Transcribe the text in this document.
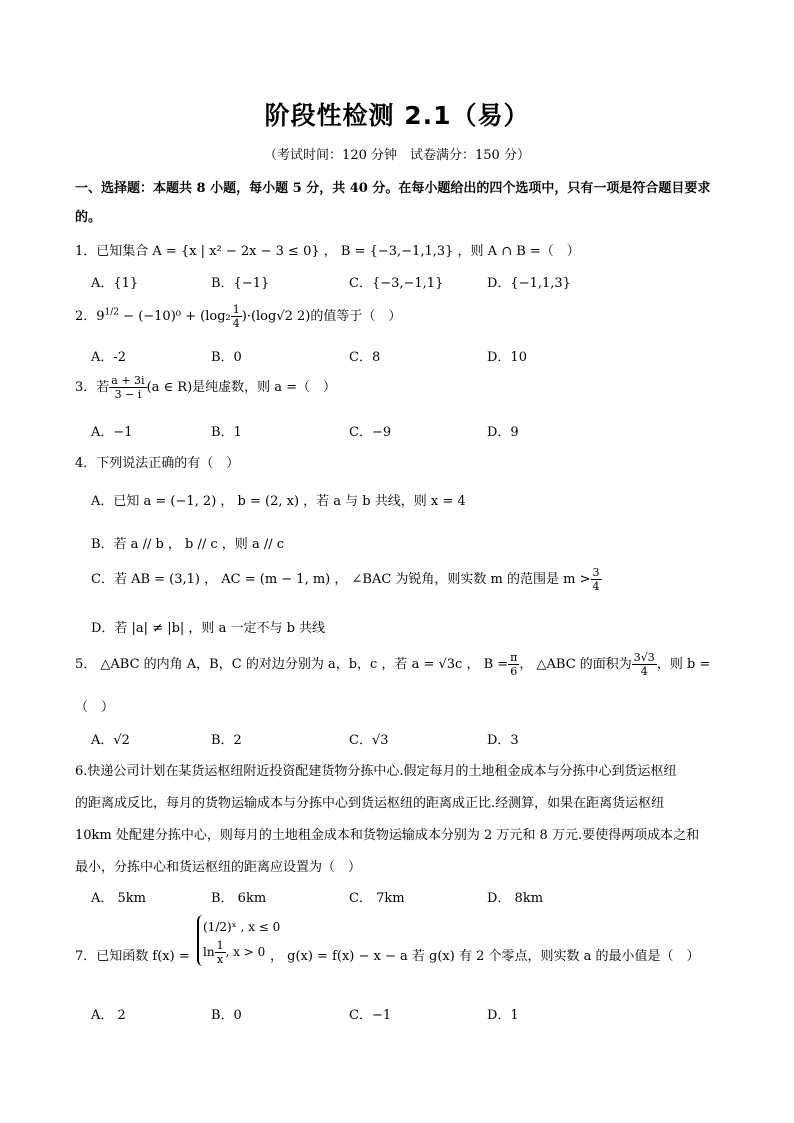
阶段性检测 2.1（易）
（考试时间：120 分钟　试卷满分：150 分）
一、选择题：本题共 8 小题，每小题 5 分，共 40 分。在每小题给出的四个选项中，只有一项是符合题目要求的。
1．已知集合 A = {x | x² − 2x − 3 ≤ 0} ， B = {−3,−1,1,3} ，则 A ∩ B =（　）
A．{1}	B．{−1}	C．{−3,−1,1}	D．{−1,1,3}
2．$9^{1/2} - (-10)^0 + (\log_2 \frac{1}{4} )\cdot(\log√2$ 2)的值等于（　）
A．-2	B．0	C．8	D．10
3．若 $\frac{a + 3i}{3 - i} (a$ ∈ R)是纯虚数，则 a =（　）
A．−1	B．1	C．−9	D．9
4．下列说法正确的有（　）
A．已知 a = (−1, 2) ， b = (2, x) ，若 a 与 b 共线，则 x = 4
B．若 a // b ， b // c ，则 a // c
C．若 AB = (3,1) ， AC = (m − 1, m) ， ∠BAC 为锐角，则实数 m 的范围是 $m > \frac{3}{4}$
D．若 |a| ≠ |b| ，则 a 一定不与 b 共线
5． △ABC 的内角 A，B，C 的对边分别为 a，b，c ，若 a = √3c ， $B = \frac{\pi}{6}$ ， △ABC 的面积为 $\frac{3√3}{4}$ ，则 b =
（　）
A．√2	B．2	C．√3	D．3
6.快递公司计划在某货运枢纽附近投资配建货物分拣中心.假定每月的土地租金成本与分拣中心到货运枢纽
的距离成反比，每月的货物运输成本与分拣中心到货运枢纽的距离成正比.经测算，如果在距离货运枢纽
10km 处配建分拣中心，则每月的土地租金成本和货物运输成本分别为 2 万元和 8 万元.要使得两项成本之和
最小，分拣中心和货运枢纽的距离应设置为（　）
A． 5km	B． 6km	C． 7km	D． 8km
7．已知函数 f(x) =
(1/2)ˣ , x ≤ 0
$\ln \frac{1}{x}$ , x > 0 ， g(x) = f(x) − x − a 若 g(x) 有 2 个零点，则实数 a 的最小值是（　）
A． 2	B．0	C．−1	D．1
